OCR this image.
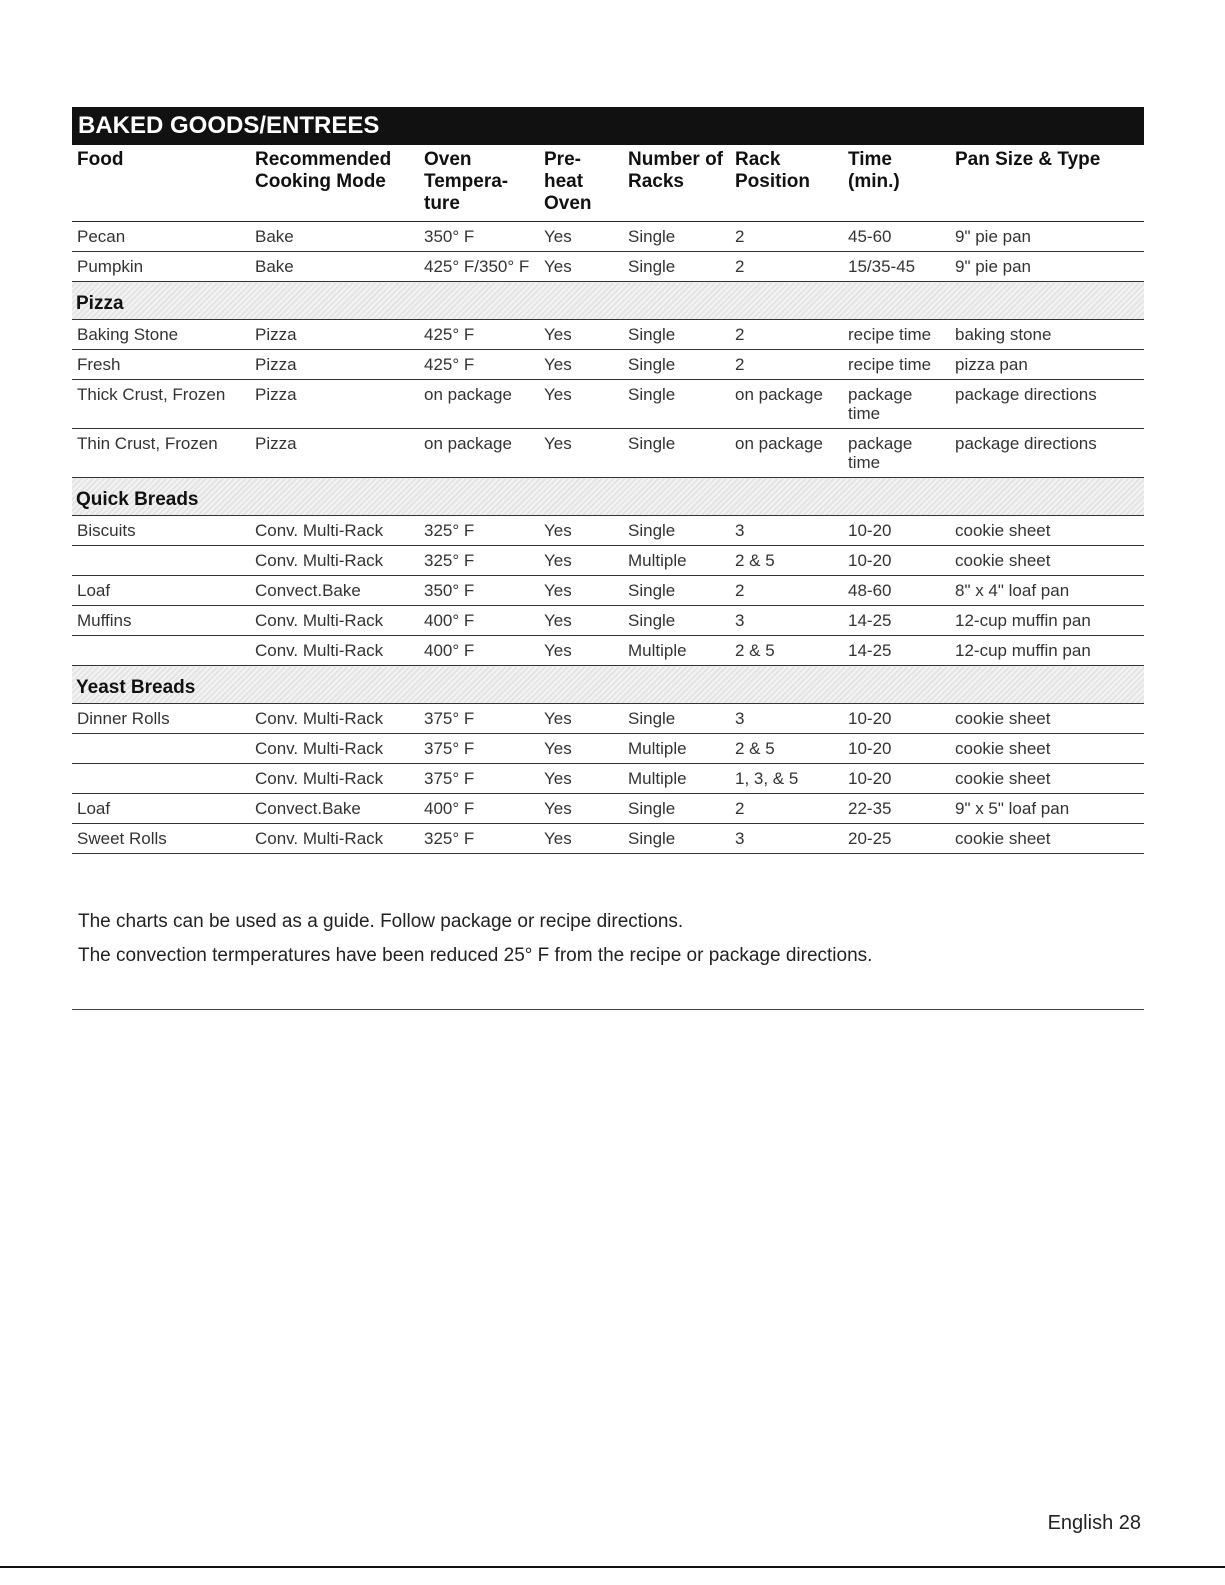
BAKED GOODS/ENTREES
Food	Recommended Cooking Mode	Oven Tempera- ture	Pre- heat Oven	Number of Racks	Rack Position	Time (min.)	Pan Size & Type
Pecan	Bake	350° F	Yes	Single	2	45-60	9" pie pan
Pumpkin	Bake	425° F/350° F	Yes	Single	2	15/35-45	9" pie pan
Pizza							
Baking Stone	Pizza	425° F	Yes	Single	2	recipe time	baking stone
Fresh	Pizza	425° F	Yes	Single	2	recipe time	pizza pan
Thick Crust, Frozen	Pizza	on package	Yes	Single	on package	package time	package directions
Thin Crust, Frozen	Pizza	on package	Yes	Single	on package	package time	package directions
Quick Breads							
Biscuits	Conv. Multi-Rack	325° F	Yes	Single	3	10-20	cookie sheet
	Conv. Multi-Rack	325° F	Yes	Multiple	2 & 5	10-20	cookie sheet
Loaf	Convect.Bake	350° F	Yes	Single	2	48-60	8" x 4" loaf pan
Muffins	Conv. Multi-Rack	400° F	Yes	Single	3	14-25	12-cup muffin pan
	Conv. Multi-Rack	400° F	Yes	Multiple	2 & 5	14-25	12-cup muffin pan
Yeast Breads							
Dinner Rolls	Conv. Multi-Rack	375° F	Yes	Single	3	10-20	cookie sheet
	Conv. Multi-Rack	375° F	Yes	Multiple	2 & 5	10-20	cookie sheet
	Conv. Multi-Rack	375° F	Yes	Multiple	1, 3, & 5	10-20	cookie sheet
Loaf	Convect.Bake	400° F	Yes	Single	2	22-35	9" x 5" loaf pan
Sweet Rolls	Conv. Multi-Rack	325° F	Yes	Single	3	20-25	cookie sheet

The charts can be used as a guide. Follow package or recipe directions.

The convection termperatures have been reduced 25° F from the recipe or package directions.

English 28
